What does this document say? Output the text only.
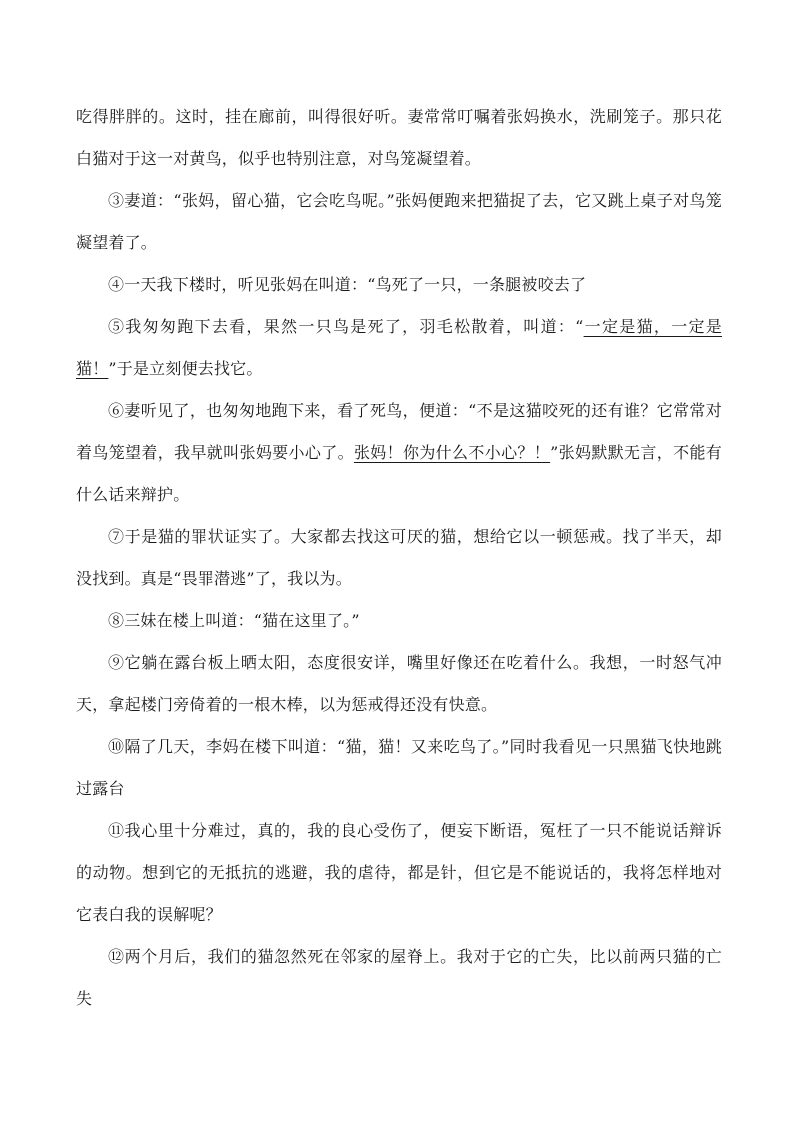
吃得胖胖的。这时，挂在廊前，叫得很好听。妻常常叮嘱着张妈换水，洗刷笼子。那只花白猫对于这一对黄鸟，似乎也特别注意，对鸟笼凝望着。

③妻道：“张妈，留心猫，它会吃鸟呢。”张妈便跑来把猫捉了去，它又跳上桌子对鸟笼凝望着了。

④一天我下楼时，听见张妈在叫道：“鸟死了一只，一条腿被咬去了

⑤我匆匆跑下去看，果然一只鸟是死了，羽毛松散着，叫道：“一定是猫，一定是猫！”于是立刻便去找它。

⑥妻听见了，也匆匆地跑下来，看了死鸟，便道：“不是这猫咬死的还有谁？它常常对着鸟笼望着，我早就叫张妈要小心了。张妈！你为什么不小心？！”张妈默默无言，不能有什么话来辩护。

⑦于是猫的罪状证实了。大家都去找这可厌的猫，想给它以一顿惩戒。找了半天，却没找到。真是“畏罪潜逃”了，我以为。

⑧三妹在楼上叫道：“猫在这里了。”

⑨它躺在露台板上晒太阳，态度很安详，嘴里好像还在吃着什么。我想，一时怒气冲天，拿起楼门旁倚着的一根木棒，以为惩戒得还没有快意。

⑩隔了几天，李妈在楼下叫道：“猫，猫！又来吃鸟了。”同时我看见一只黑猫飞快地跳过露台

⑪我心里十分难过，真的，我的良心受伤了，便妄下断语，冤枉了一只不能说话辩诉的动物。想到它的无抵抗的逃避，我的虐待，都是针，但它是不能说话的，我将怎样地对它表白我的误解呢？

⑫两个月后，我们的猫忽然死在邻家的屋脊上。我对于它的亡失，比以前两只猫的亡失
